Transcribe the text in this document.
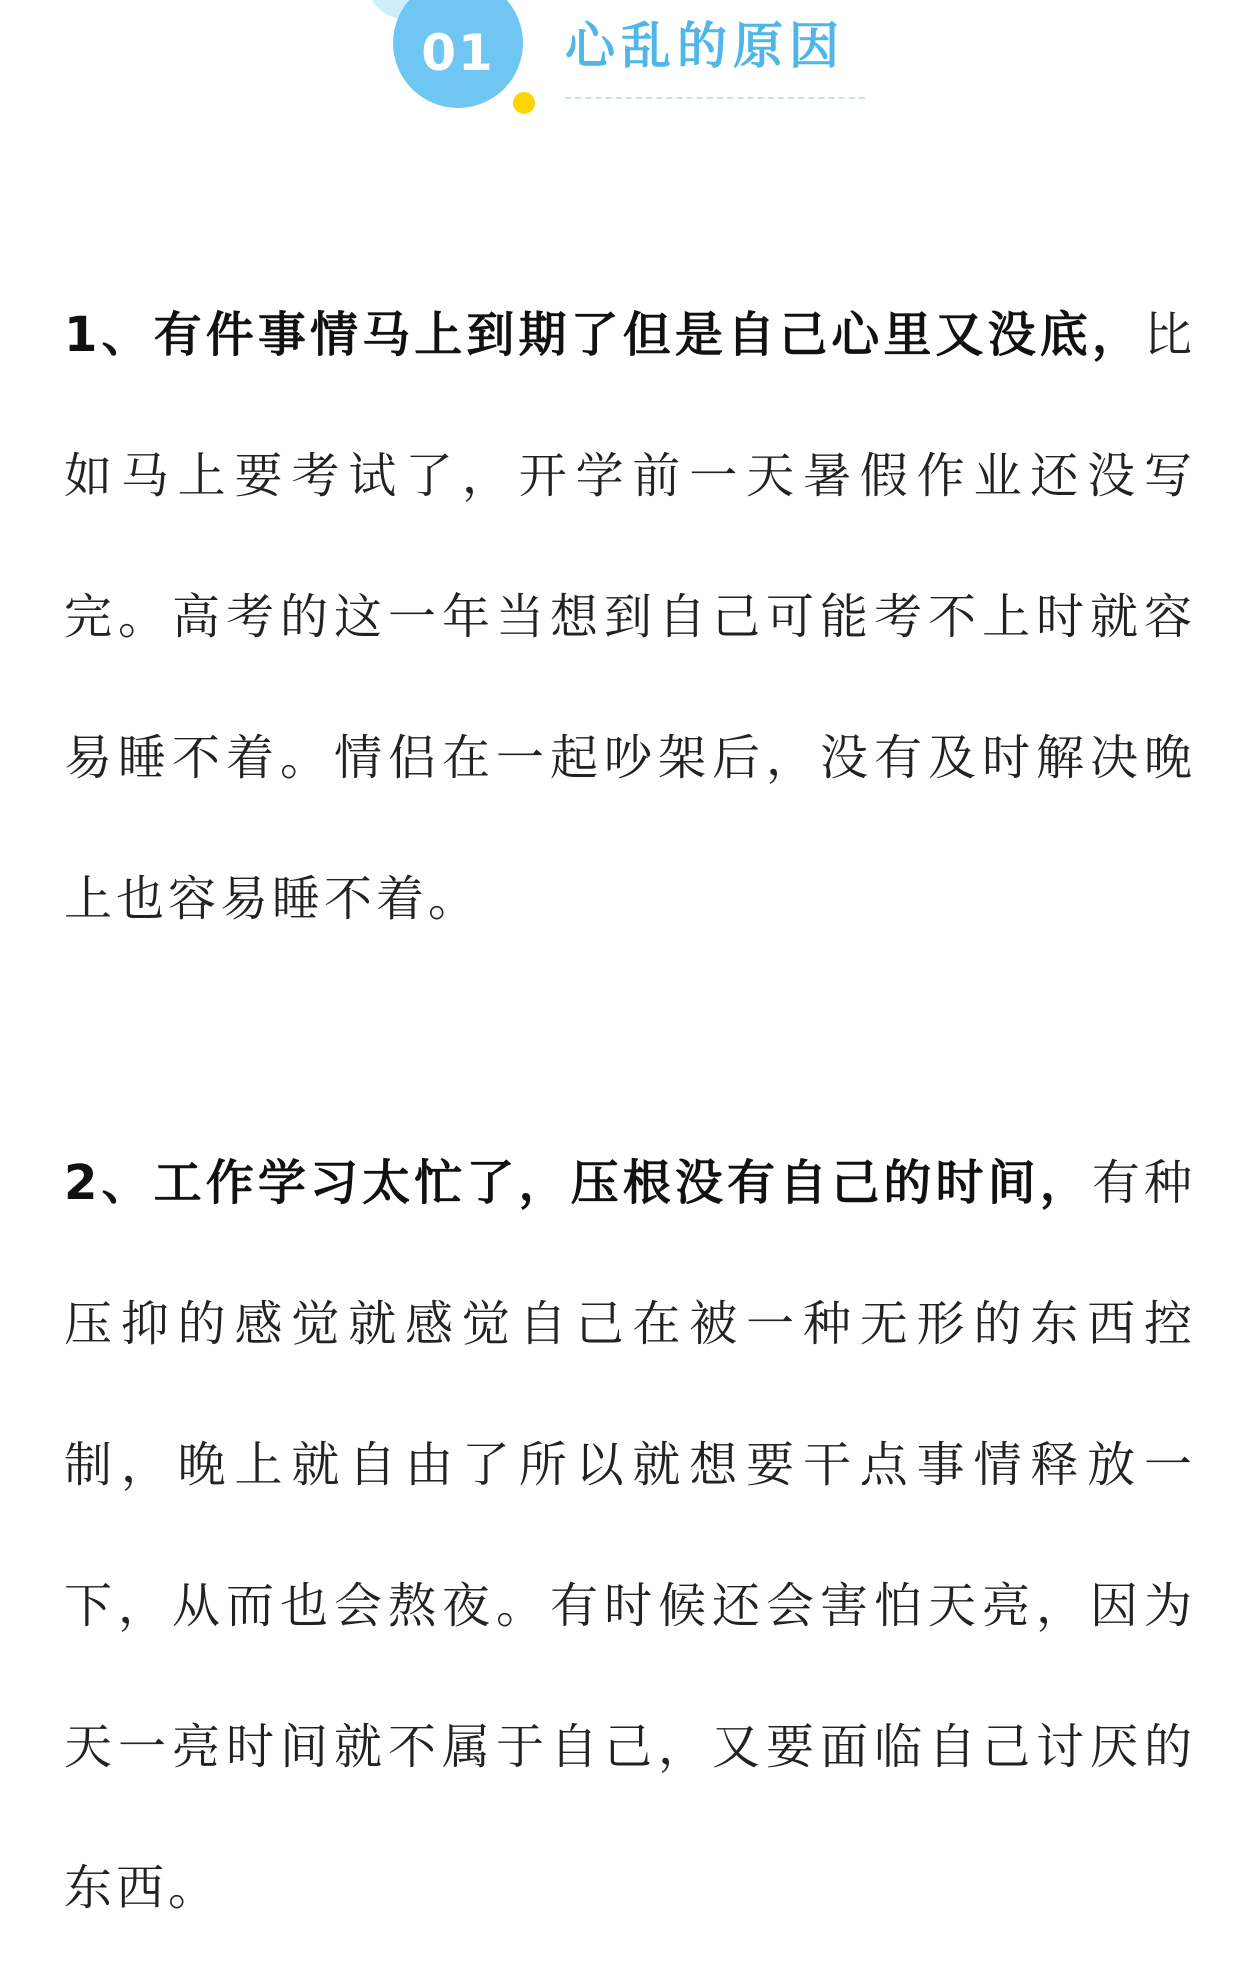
01 心乱的原因
1、有件事情马上到期了但是自己心里又没底，比如马上要考试了，开学前一天暑假作业还没写完。高考的这一年当想到自己可能考不上时就容易睡不着。情侣在一起吵架后，没有及时解决晚上也容易睡不着。
2、工作学习太忙了，压根没有自己的时间，有种压抑的感觉就感觉自己在被一种无形的东西控制，晚上就自由了所以就想要干点事情释放一下，从而也会熬夜。有时候还会害怕天亮，因为天一亮时间就不属于自己，又要面临自己讨厌的东西。
